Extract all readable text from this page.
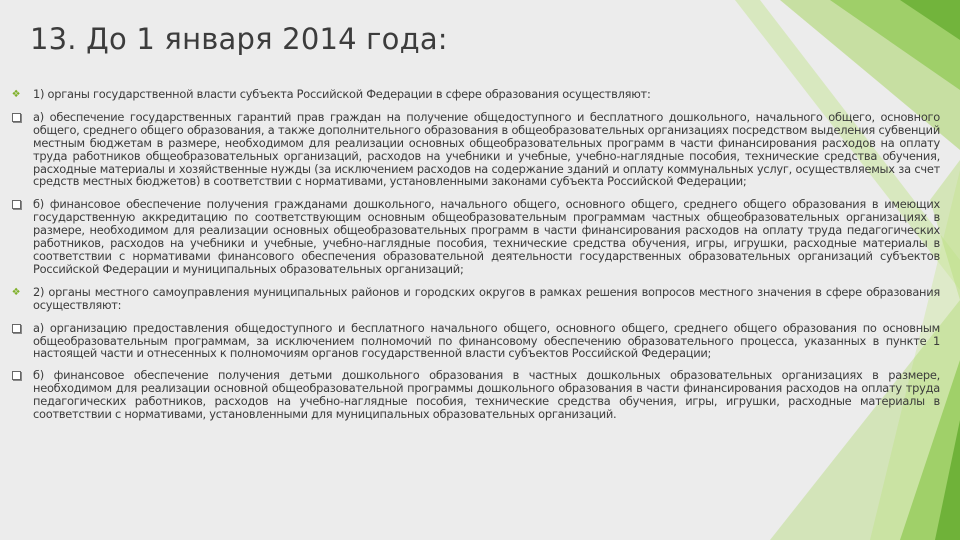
13. До 1 января 2014 года:
❖ 1) органы государственной власти субъекта Российской Федерации в сфере образования осуществляют:
а) обеспечение государственных гарантий прав граждан на получение общедоступного и бесплатного дошкольного, начального общего, основного общего, среднего общего образования, а также дополнительного образования в общеобразовательных организациях посредством выделения субвенций местным бюджетам в размере, необходимом для реализации основных общеобразовательных программ в части финансирования расходов на оплату труда работников общеобразовательных организаций, расходов на учебники и учебные, учебно-наглядные пособия, технические средства обучения, расходные материалы и хозяйственные нужды (за исключением расходов на содержание зданий и оплату коммунальных услуг, осуществляемых за счет средств местных бюджетов) в соответствии с нормативами, установленными законами субъекта Российской Федерации;
б) финансовое обеспечение получения гражданами дошкольного, начального общего, основного общего, среднего общего образования в имеющих государственную аккредитацию по соответствующим основным общеобразовательным программам частных общеобразовательных организациях в размере, необходимом для реализации основных общеобразовательных программ в части финансирования расходов на оплату труда педагогических работников, расходов на учебники и учебные, учебно-наглядные пособия, технические средства обучения, игры, игрушки, расходные материалы в соответствии с нормативами финансового обеспечения образовательной деятельности государственных образовательных организаций субъектов Российской Федерации и муниципальных образовательных организаций;
❖ 2) органы местного самоуправления муниципальных районов и городских округов в рамках решения вопросов местного значения в сфере образования осуществляют:
а) организацию предоставления общедоступного и бесплатного начального общего, основного общего, среднего общего образования по основным общеобразовательным программам, за исключением полномочий по финансовому обеспечению образовательного процесса, указанных в пункте 1 настоящей части и отнесенных к полномочиям органов государственной власти субъектов Российской Федерации;
б) финансовое обеспечение получения детьми дошкольного образования в частных дошкольных образовательных организациях в размере, необходимом для реализации основной общеобразовательной программы дошкольного образования в части финансирования расходов на оплату труда педагогических работников, расходов на учебно-наглядные пособия, технические средства обучения, игры, игрушки, расходные материалы в соответствии с нормативами, установленными для муниципальных образовательных организаций.
